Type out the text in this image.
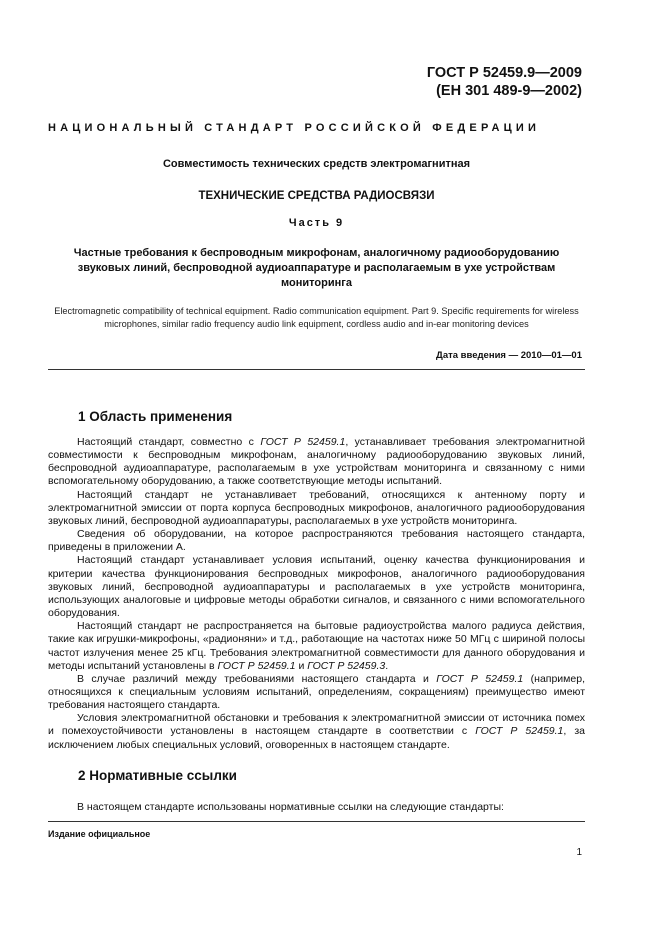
ГОСТ Р 52459.9—2009
(ЕН 301 489-9—2002)
НАЦИОНАЛЬНЫЙ СТАНДАРТ РОССИЙСКОЙ ФЕДЕРАЦИИ
Совместимость технических средств электромагнитная
ТЕХНИЧЕСКИЕ СРЕДСТВА РАДИОСВЯЗИ
Часть 9
Частные требования к беспроводным микрофонам, аналогичному радиооборудованию звуковых линий, беспроводной аудиоаппаратуре и располагаемым в ухе устройствам мониторинга
Electromagnetic compatibility of technical equipment. Radio communication equipment. Part 9. Specific requirements for wireless microphones, similar radio frequency audio link equipment, cordless audio and in-ear monitoring devices
Дата введения — 2010—01—01
1 Область применения

Настоящий стандарт, совместно с ГОСТ Р 52459.1, устанавливает требования электромагнитной совместимости к беспроводным микрофонам, аналогичному радиооборудованию звуковых линий, беспроводной аудиоаппаратуре, располагаемым в ухе устройствам мониторинга и связанному с ними вспомогательному оборудованию, а также соответствующие методы испытаний.

Настоящий стандарт не устанавливает требований, относящихся к антенному порту и электромагнитной эмиссии от порта корпуса беспроводных микрофонов, аналогичного радиооборудования звуковых линий, беспроводной аудиоаппаратуры, располагаемых в ухе устройств мониторинга.

Сведения об оборудовании, на которое распространяются требования настоящего стандарта, приведены в приложении А.

Настоящий стандарт устанавливает условия испытаний, оценку качества функционирования и критерии качества функционирования беспроводных микрофонов, аналогичного радиооборудования звуковых линий, беспроводной аудиоаппаратуры и располагаемых в ухе устройств мониторинга, использующих аналоговые и цифровые методы обработки сигналов, и связанного с ними вспомогательного оборудования.

Настоящий стандарт не распространяется на бытовые радиоустройства малого радиуса действия, такие как игрушки-микрофоны, «радионяни» и т.д., работающие на частотах ниже 50 МГц с шириной полосы частот излучения менее 25 кГц. Требования электромагнитной совместимости для данного оборудования и методы испытаний установлены в ГОСТ Р 52459.1 и ГОСТ Р 52459.3.

В случае различий между требованиями настоящего стандарта и ГОСТ Р 52459.1 (например, относящихся к специальным условиям испытаний, определениям, сокращениям) преимущество имеют требования настоящего стандарта.

Условия электромагнитной обстановки и требования к электромагнитной эмиссии от источника помех и помехоустойчивости установлены в настоящем стандарте в соответствии с ГОСТ Р 52459.1, за исключением любых специальных условий, оговоренных в настоящем стандарте.

2 Нормативные ссылки

В настоящем стандарте использованы нормативные ссылки на следующие стандарты:

Издание официальное
1
